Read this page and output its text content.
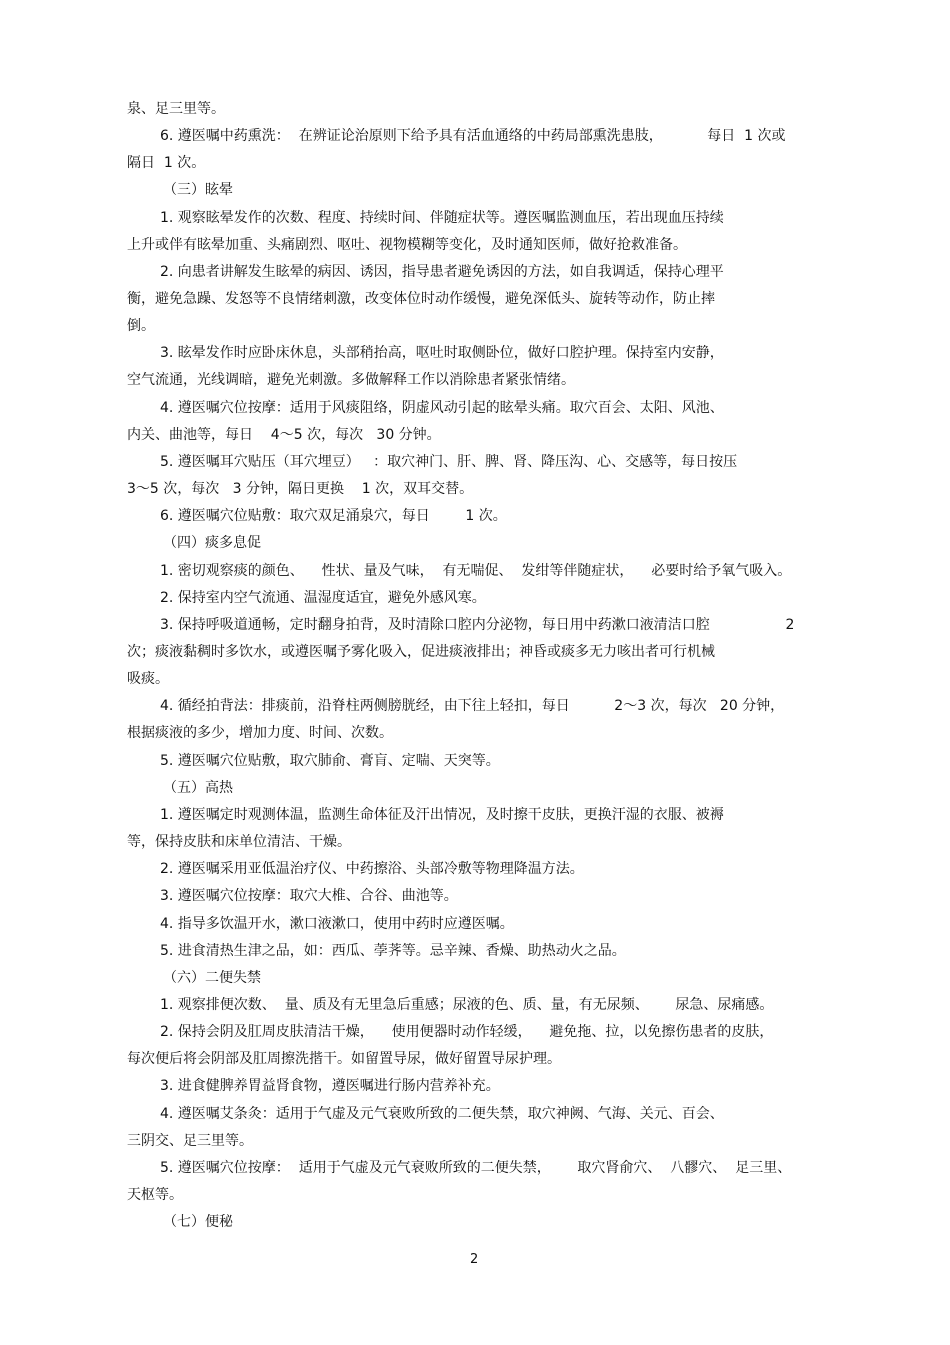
泉、足三里等。
6. 遵医嘱中药熏洗：  在辨证论治原则下给予具有活血通络的中药局部熏洗患肢，          每日  1 次或
隔日  1 次。
（三）眩晕
1. 观察眩晕发作的次数、程度、持续时间、伴随症状等。遵医嘱监测血压，若出现血压持续
上升或伴有眩晕加重、头痛剧烈、呕吐、视物模糊等变化，及时通知医师，做好抢救准备。
2. 向患者讲解发生眩晕的病因、诱因，指导患者避免诱因的方法，如自我调适，保持心理平
衡，避免急躁、发怒等不良情绪刺激，改变体位时动作缓慢，避免深低头、旋转等动作，防止摔
倒。
3. 眩晕发作时应卧床休息，头部稍抬高，呕吐时取侧卧位，做好口腔护理。保持室内安静，
空气流通，光线调暗，避免光刺激。多做解释工作以消除患者紧张情绪。
4. 遵医嘱穴位按摩：适用于风痰阻络，阴虚风动引起的眩晕头痛。取穴百会、太阳、风池、
内关、曲池等，每日    4～5 次，每次   30 分钟。
5. 遵医嘱耳穴贴压（耳穴埋豆）   ：取穴神门、肝、脾、肾、降压沟、心、交感等，每日按压
3～5 次，每次   3 分钟，隔日更换    1 次，双耳交替。
6. 遵医嘱穴位贴敷：取穴双足涌泉穴，每日        1 次。
（四）痰多息促
1. 密切观察痰的颜色、    性状、量及气味，  有无喘促、  发绀等伴随症状，    必要时给予氧气吸入。
2. 保持室内空气流通、温湿度适宜，避免外感风寒。
3. 保持呼吸道通畅，定时翻身拍背，及时清除口腔内分泌物，每日用中药漱口液清洁口腔                 2
次；痰液黏稠时多饮水，或遵医嘱予雾化吸入，促进痰液排出；神昏或痰多无力咳出者可行机械
吸痰。
4. 循经拍背法：排痰前，沿脊柱两侧膀胱经，由下往上轻扣，每日          2～3 次，每次   20 分钟，
根据痰液的多少，增加力度、时间、次数。
5. 遵医嘱穴位贴敷，取穴肺俞、膏肓、定喘、天突等。
（五）高热
1. 遵医嘱定时观测体温，监测生命体征及汗出情况，及时擦干皮肤，更换汗湿的衣服、被褥
等，保持皮肤和床单位清洁、干燥。
2. 遵医嘱采用亚低温治疗仪、中药擦浴、头部冷敷等物理降温方法。
3. 遵医嘱穴位按摩：取穴大椎、合谷、曲池等。
4. 指导多饮温开水，漱口液漱口，使用中药时应遵医嘱。
5. 进食清热生津之品，如：西瓜、荸荠等。忌辛辣、香燥、助热动火之品。
（六）二便失禁
1. 观察排便次数、  量、质及有无里急后重感；尿液的色、质、量，有无尿频、      尿急、尿痛感。
2. 保持会阴及肛周皮肤清洁干燥，    使用便器时动作轻缓，    避免拖、拉，以免擦伤患者的皮肤，
每次便后将会阴部及肛周擦洗揩干。如留置导尿，做好留置导尿护理。
3. 进食健脾养胃益肾食物，遵医嘱进行肠内营养补充。
4. 遵医嘱艾条灸：适用于气虚及元气衰败所致的二便失禁，取穴神阙、气海、关元、百会、
三阴交、足三里等。
5. 遵医嘱穴位按摩：  适用于气虚及元气衰败所致的二便失禁，      取穴肾俞穴、  八髎穴、  足三里、
天枢等。
（七）便秘
2
